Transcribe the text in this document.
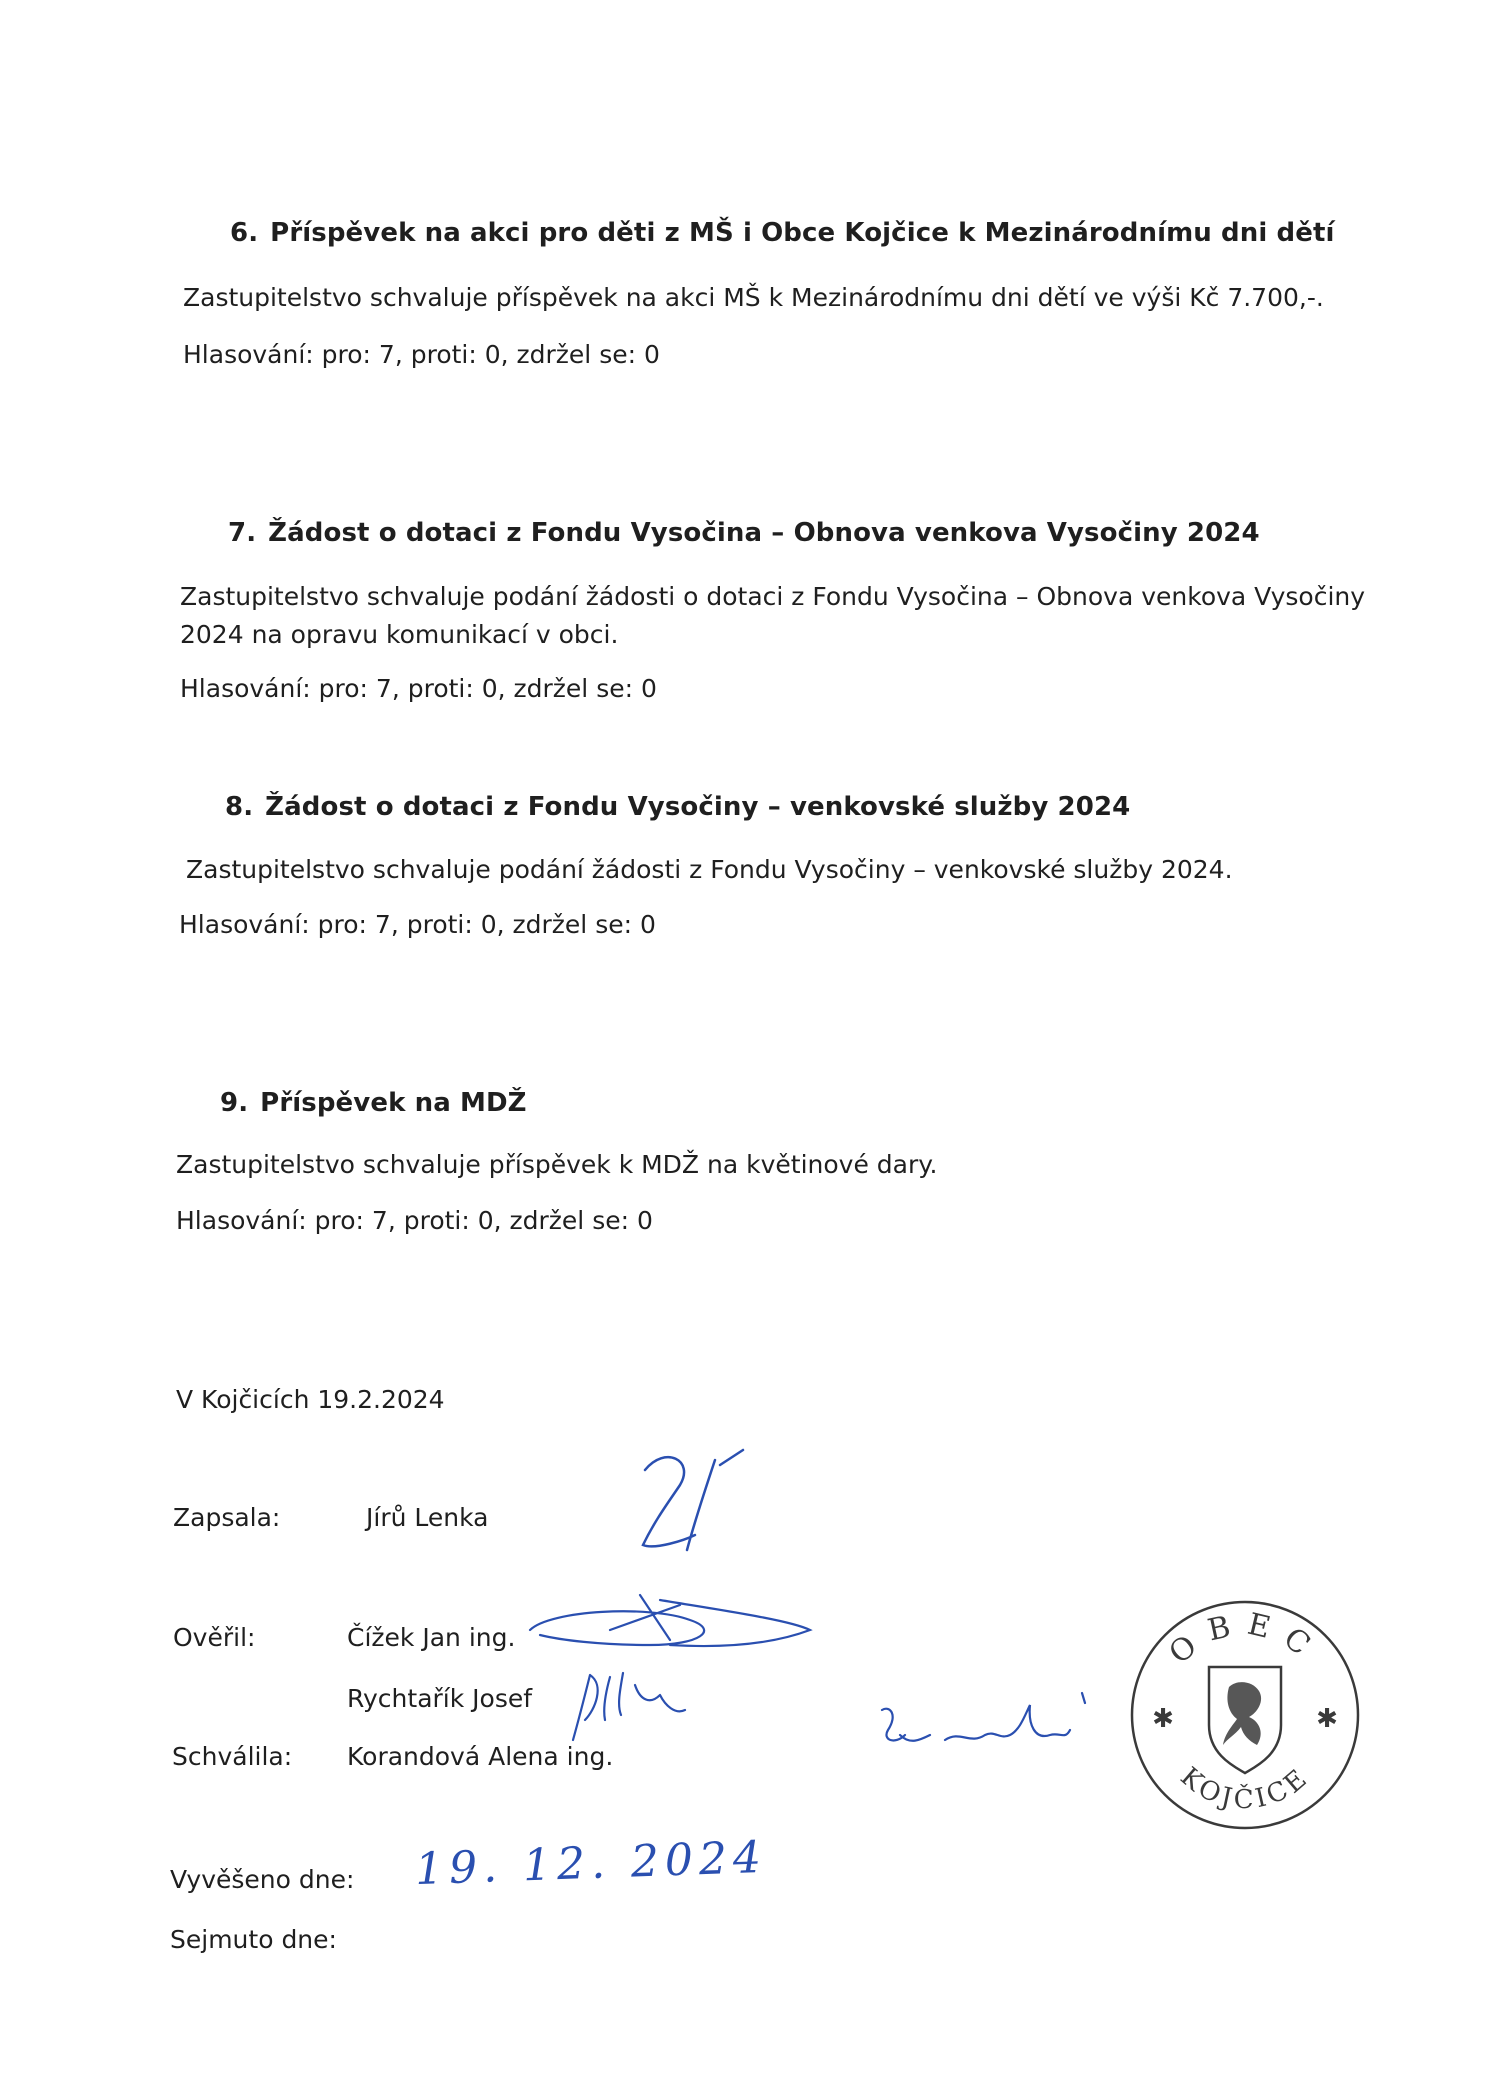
6. Příspěvek na akci pro děti z MŠ i Obce Kojčice k Mezinárodnímu dni dětí
Zastupitelstvo schvaluje příspěvek na akci MŠ k Mezinárodnímu dni dětí ve výši Kč 7.700,-.
Hlasování: pro: 7, proti: 0, zdržel se: 0
7. Žádost o dotaci z Fondu Vysočina – Obnova venkova Vysočiny 2024
Zastupitelstvo schvaluje podání žádosti o dotaci z Fondu Vysočina – Obnova venkova Vysočiny
2024 na opravu komunikací v obci.
Hlasování: pro: 7, proti: 0, zdržel se: 0
8. Žádost o dotaci z Fondu Vysočiny – venkovské služby 2024
Zastupitelstvo schvaluje podání žádosti z Fondu Vysočiny – venkovské služby 2024.
Hlasování: pro: 7, proti: 0, zdržel se: 0
9. Příspěvek na MDŽ
Zastupitelstvo schvaluje příspěvek k MDŽ na květinové dary.
Hlasování: pro: 7, proti: 0, zdržel se: 0
V Kojčicích 19.2.2024
Zapsala:	Jírů Lenka
Ověřil:	Čížek Jan ing.
Rychtařík Josef
Schválila: Korandová Alena ing.
Vyvěšeno dne: 19. 12. 2024
Sejmuto dne:
OBEC
KOJČICE
✱	✱
